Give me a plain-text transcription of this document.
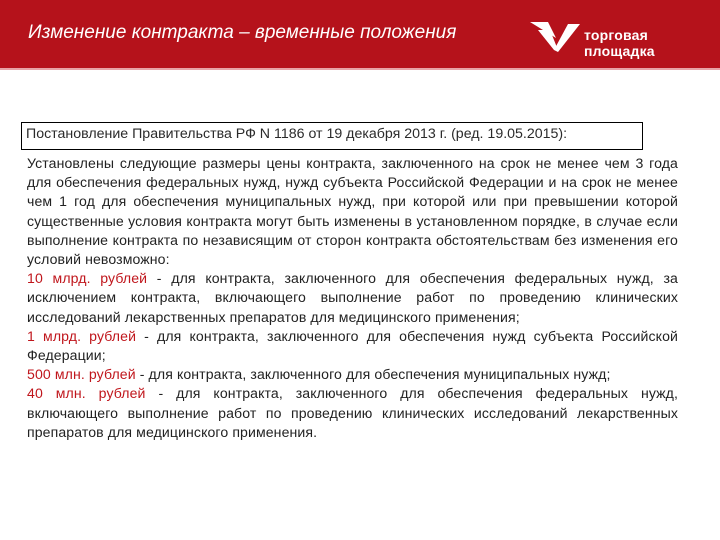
Изменение контракта – временные положения	торговая площадка
Постановление Правительства РФ N 1186 от 19 декабря 2013 г. (ред. 19.05.2015):

Установлены следующие размеры цены контракта, заключенного на срок не менее чем 3 года для обеспечения федеральных нужд, нужд субъекта Российской Федерации и на срок не менее чем 1 год для обеспечения муниципальных нужд, при которой или при превышении которой существенные условия контракта могут быть изменены в установленном порядке, в случае если выполнение контракта по независящим от сторон контракта обстоятельствам без изменения его условий невозможно:

10 млрд. рублей - для контракта, заключенного для обеспечения федеральных нужд, за исключением контракта, включающего выполнение работ по проведению клинических исследований лекарственных препаратов для медицинского применения;

1 млрд. рублей - для контракта, заключенного для обеспечения нужд субъекта Российской Федерации;

500 млн. рублей - для контракта, заключенного для обеспечения муниципальных нужд;

40 млн. рублей - для контракта, заключенного для обеспечения федеральных нужд, включающего выполнение работ по проведению клинических исследований лекарственных препаратов для медицинского применения.
